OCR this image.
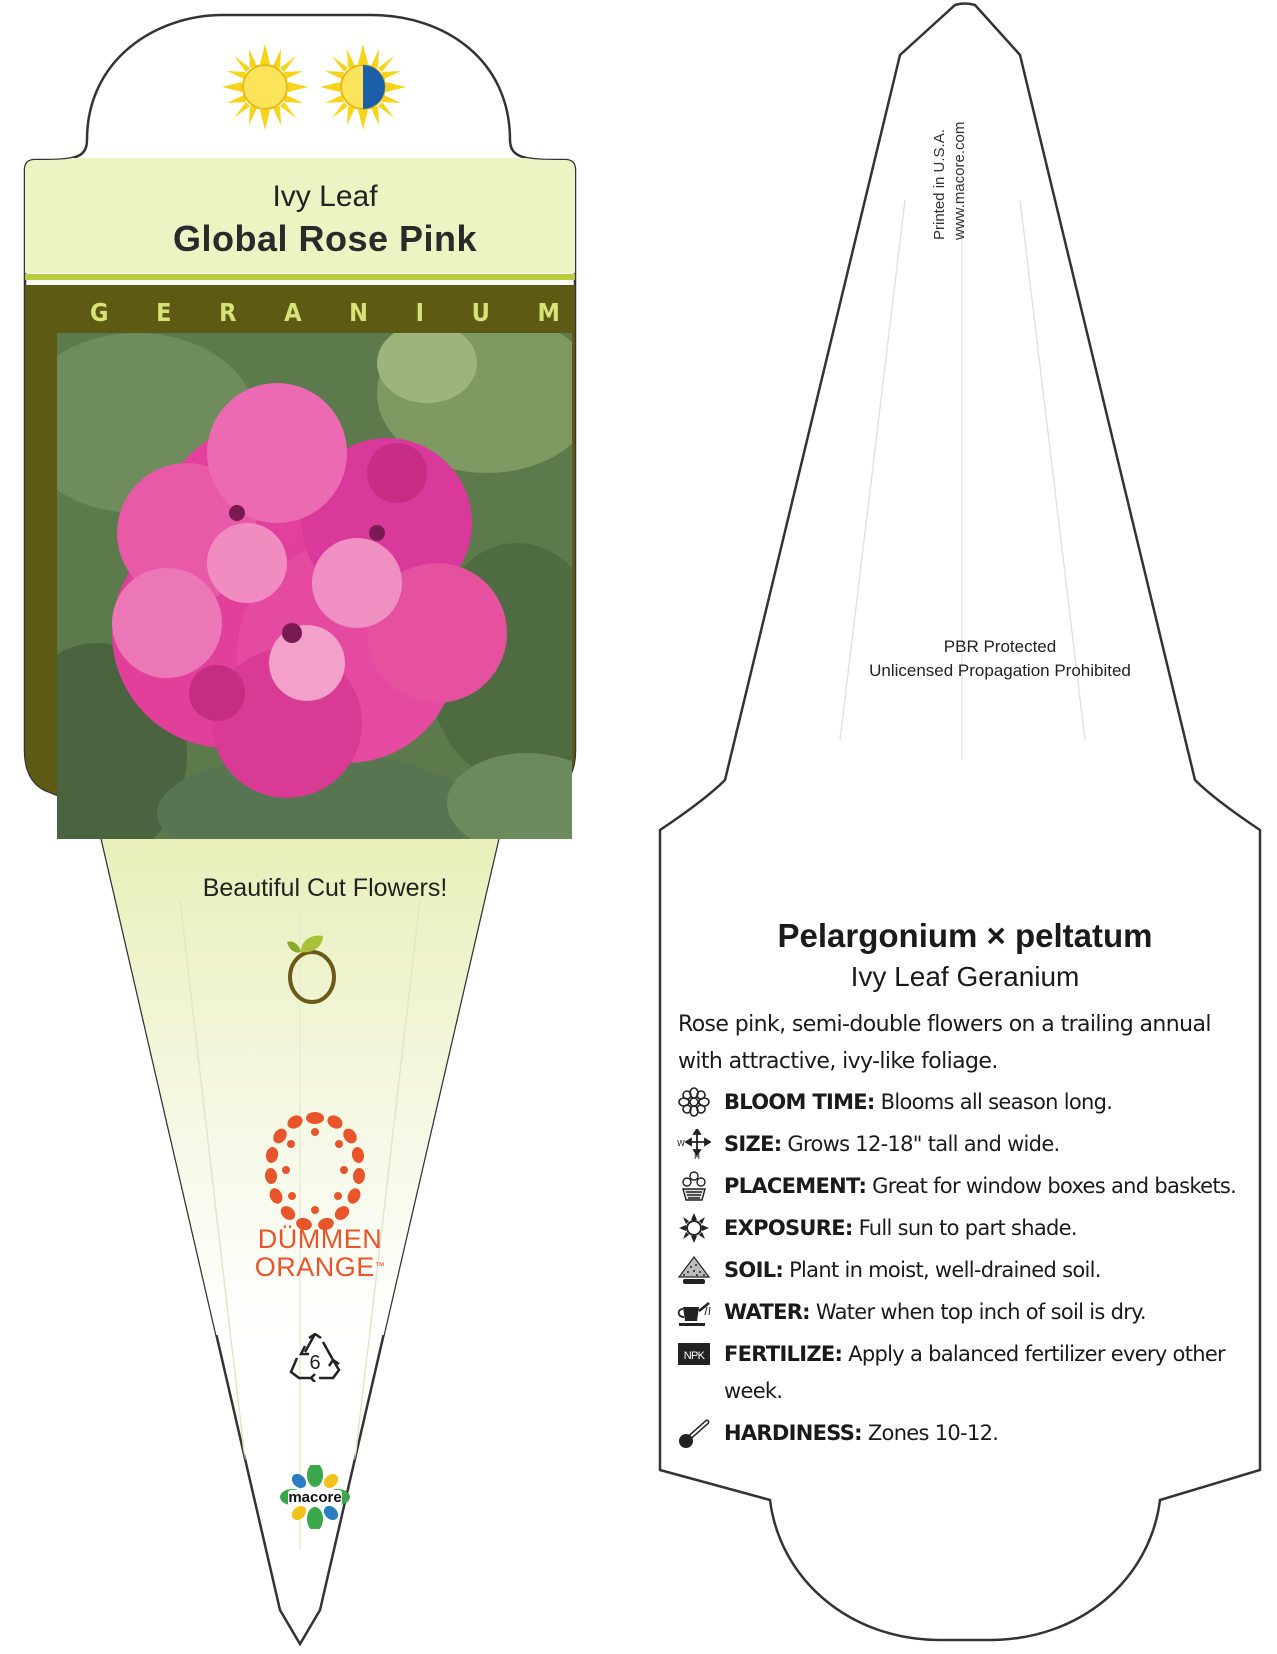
Ivy Leaf
Global Rose Pink
G E R A N I U M
Beautiful Cut Flowers!
DÜMMEN
ORANGE™
6
macore
Printed in U.S.A. www.macore.com
PBR Protected
Unlicensed Propagation Prohibited
Pelargonium × peltatum
Ivy Leaf Geranium
Rose pink, semi-double flowers on a trailing annual with attractive, ivy-like foliage.
BLOOM TIME: Blooms all season long.
W
H
SIZE: Grows 12-18" tall and wide.
PLACEMENT: Great for window boxes and baskets.
EXPOSURE: Full sun to part shade.
SOIL: Plant in moist, well-drained soil.
WATER: Water when top inch of soil is dry.
NPK FERTILIZE: Apply a balanced fertilizer every other week.
HARDINESS: Zones 10-12.
